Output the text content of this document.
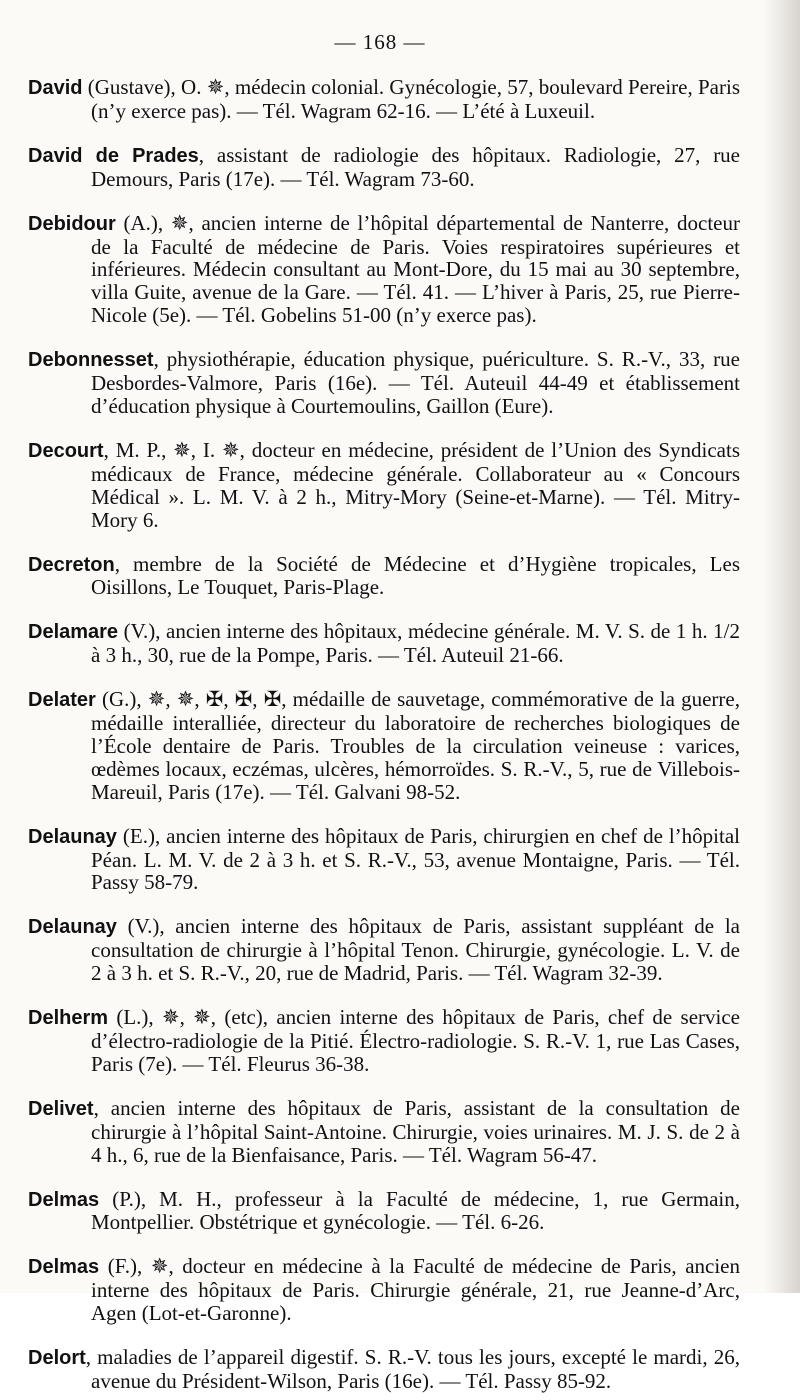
— 168 —

David (Gustave), O. ✵, médecin colonial. Gynécologie, 57, boulevard Pereire, Paris (n’y exerce pas). — Tél. Wagram 62-16. — L’été à Luxeuil.

David de Prades, assistant de radiologie des hôpitaux. Radiologie, 27, rue Demours, Paris (17e). — Tél. Wagram 73-60.

Debidour (A.), ✵, ancien interne de l’hôpital départemental de Nanterre, docteur de la Faculté de médecine de Paris. Voies respiratoires supérieures et inférieures. Médecin consultant au Mont-Dore, du 15 mai au 30 septembre, villa Guite, avenue de la Gare. — Tél. 41. — L’hiver à Paris, 25, rue Pierre-Nicole (5e). — Tél. Gobelins 51-00 (n’y exerce pas).

Debonnesset, physiothérapie, éducation physique, puériculture. S. R.-V., 33, rue Desbordes-Valmore, Paris (16e). — Tél. Auteuil 44-49 et établissement d’éducation physique à Courtemoulins, Gaillon (Eure).

Decourt, M. P., ✵, I. ✵, docteur en médecine, président de l’Union des Syndicats médicaux de France, médecine générale. Collaborateur au « Concours Médical ». L. M. V. à 2 h., Mitry-Mory (Seine-et-Marne). — Tél. Mitry-Mory 6.

Decreton, membre de la Société de Médecine et d’Hygiène tropicales, Les Oisillons, Le Touquet, Paris-Plage.

Delamare (V.), ancien interne des hôpitaux, médecine générale. M. V. S. de 1 h. 1/2 à 3 h., 30, rue de la Pompe, Paris. — Tél. Auteuil 21-66.

Delater (G.), ✵, ✵, ✠, ✠, ✠, médaille de sauvetage, commémorative de la guerre, médaille interalliée, directeur du laboratoire de recherches biologiques de l’École dentaire de Paris. Troubles de la circulation veineuse : varices, œdèmes locaux, eczémas, ulcères, hémorroïdes. S. R.-V., 5, rue de Villebois-Mareuil, Paris (17e). — Tél. Galvani 98-52.

Delaunay (E.), ancien interne des hôpitaux de Paris, chirurgien en chef de l’hôpital Péan. L. M. V. de 2 à 3 h. et S. R.-V., 53, avenue Montaigne, Paris. — Tél. Passy 58-79.

Delaunay (V.), ancien interne des hôpitaux de Paris, assistant suppléant de la consultation de chirurgie à l’hôpital Tenon. Chirurgie, gynécologie. L. V. de 2 à 3 h. et S. R.-V., 20, rue de Madrid, Paris. — Tél. Wagram 32-39.

Delherm (L.), ✵, ✵, (etc), ancien interne des hôpitaux de Paris, chef de service d’électro-radiologie de la Pitié. Électro-radiologie. S. R.-V. 1, rue Las Cases, Paris (7e). — Tél. Fleurus 36-38.

Delivet, ancien interne des hôpitaux de Paris, assistant de la consultation de chirurgie à l’hôpital Saint-Antoine. Chirurgie, voies urinaires. M. J. S. de 2 à 4 h., 6, rue de la Bienfaisance, Paris. — Tél. Wagram 56-47.

Delmas (P.), M. H., professeur à la Faculté de médecine, 1, rue Germain, Montpellier. Obstétrique et gynécologie. — Tél. 6-26.

Delmas (F.), ✵, docteur en médecine à la Faculté de médecine de Paris, ancien interne des hôpitaux de Paris. Chirurgie générale, 21, rue Jeanne-d’Arc, Agen (Lot-et-Garonne).

Delort, maladies de l’appareil digestif. S. R.-V. tous les jours, excepté le mardi, 26, avenue du Président-Wilson, Paris (16e). — Tél. Passy 85-92.
